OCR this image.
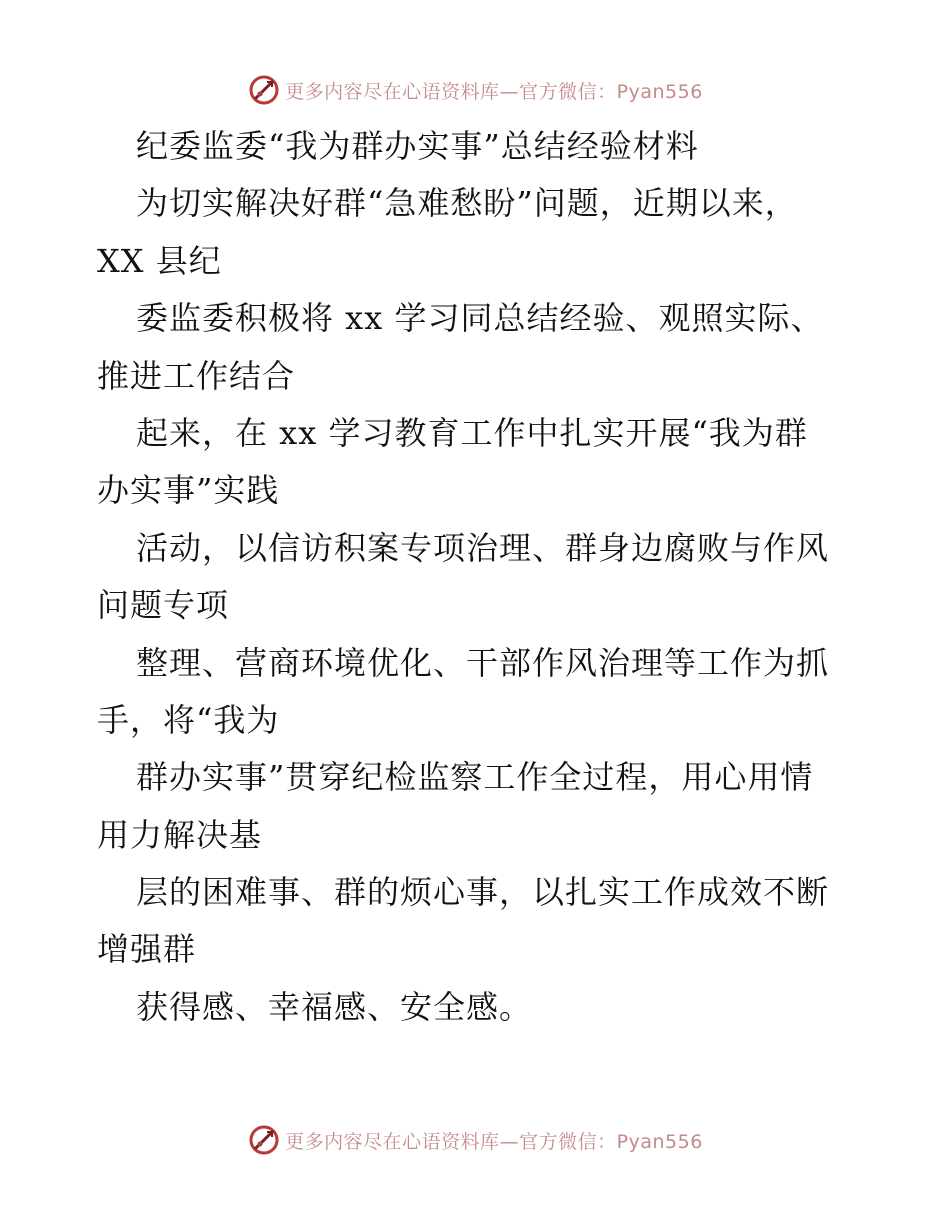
更多内容尽在心语资料库—官方微信：Pyan556
纪委监委“我为群办实事”总结经验材料
为切实解决好群“急难愁盼”问题，近期以来，
XX 县纪
委监委积极将 xx 学习同总结经验、观照实际、
推进工作结合
起来，在 xx 学习教育工作中扎实开展“我为群
办实事”实践
活动，以信访积案专项治理、群身边腐败与作风
问题专项
整理、营商环境优化、干部作风治理等工作为抓
手，将“我为
群办实事”贯穿纪检监察工作全过程，用心用情
用力解决基
层的困难事、群的烦心事，以扎实工作成效不断
增强群
获得感、幸福感、安全感。
更多内容尽在心语资料库—官方微信：Pyan556
